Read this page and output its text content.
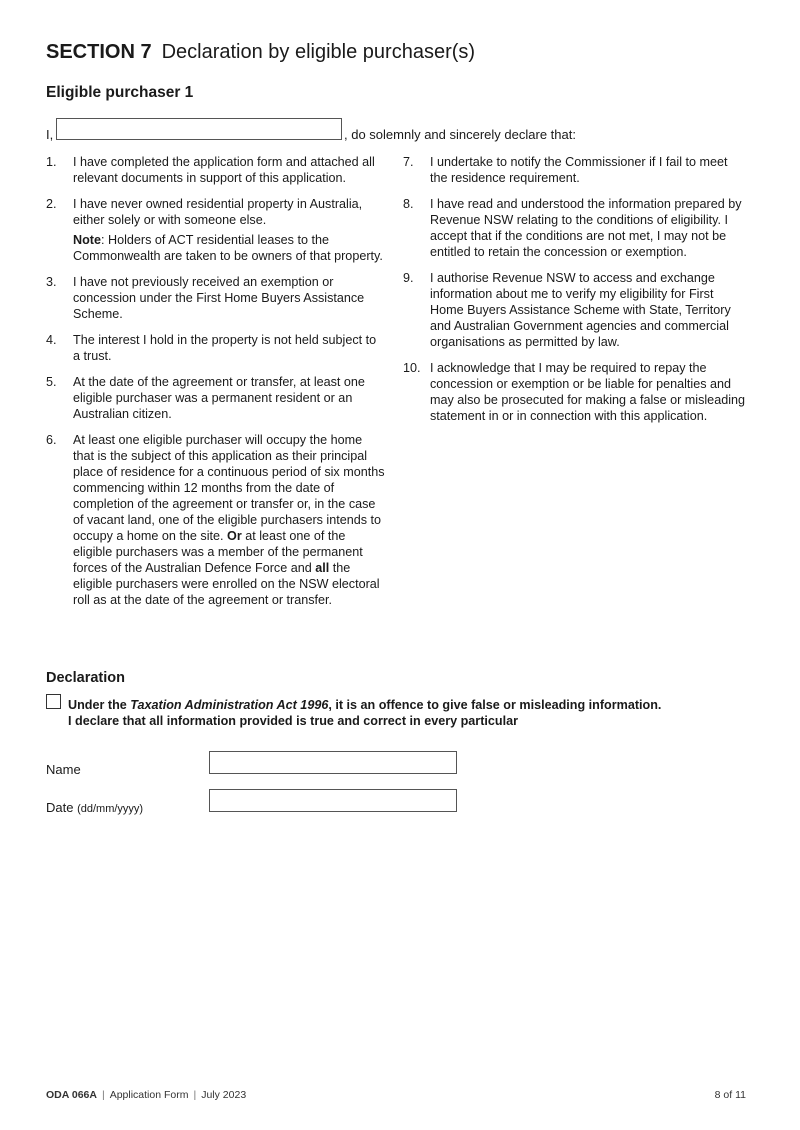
SECTION 7 Declaration by eligible purchaser(s)
Eligible purchaser 1
I,	, do solemnly and sincerely declare that:
1. I have completed the application form and attached all relevant documents in support of this application.
2. I have never owned residential property in Australia, either solely or with someone else.
Note: Holders of ACT residential leases to the Commonwealth are taken to be owners of that property.
3. I have not previously received an exemption or concession under the First Home Buyers Assistance Scheme.
4. The interest I hold in the property is not held subject to a trust.
5. At the date of the agreement or transfer, at least one eligible purchaser was a permanent resident or an Australian citizen.
6. At least one eligible purchaser will occupy the home that is the subject of this application as their principal place of residence for a continuous period of six months commencing within 12 months from the date of completion of the agreement or transfer or, in the case of vacant land, one of the eligible purchasers intends to occupy a home on the site. Or at least one of the eligible purchasers was a member of the permanent forces of the Australian Defence Force and all the eligible purchasers were enrolled on the NSW electoral roll as at the date of the agreement or transfer.
7. I undertake to notify the Commissioner if I fail to meet the residence requirement.
8. I have read and understood the information prepared by Revenue NSW relating to the conditions of eligibility. I accept that if the conditions are not met, I may not be entitled to retain the concession or exemption.
9. I authorise Revenue NSW to access and exchange information about me to verify my eligibility for First Home Buyers Assistance Scheme with State, Territory and Australian Government agencies and commercial organisations as permitted by law.
10. I acknowledge that I may be required to repay the concession or exemption or be liable for penalties and may also be prosecuted for making a false or misleading statement in or in connection with this application.
Declaration
Under the Taxation Administration Act 1996, it is an offence to give false or misleading information.
I declare that all information provided is true and correct in every particular
Name
Date (dd/mm/yyyy)
ODA 066A | Application Form | July 2023	8 of 11
